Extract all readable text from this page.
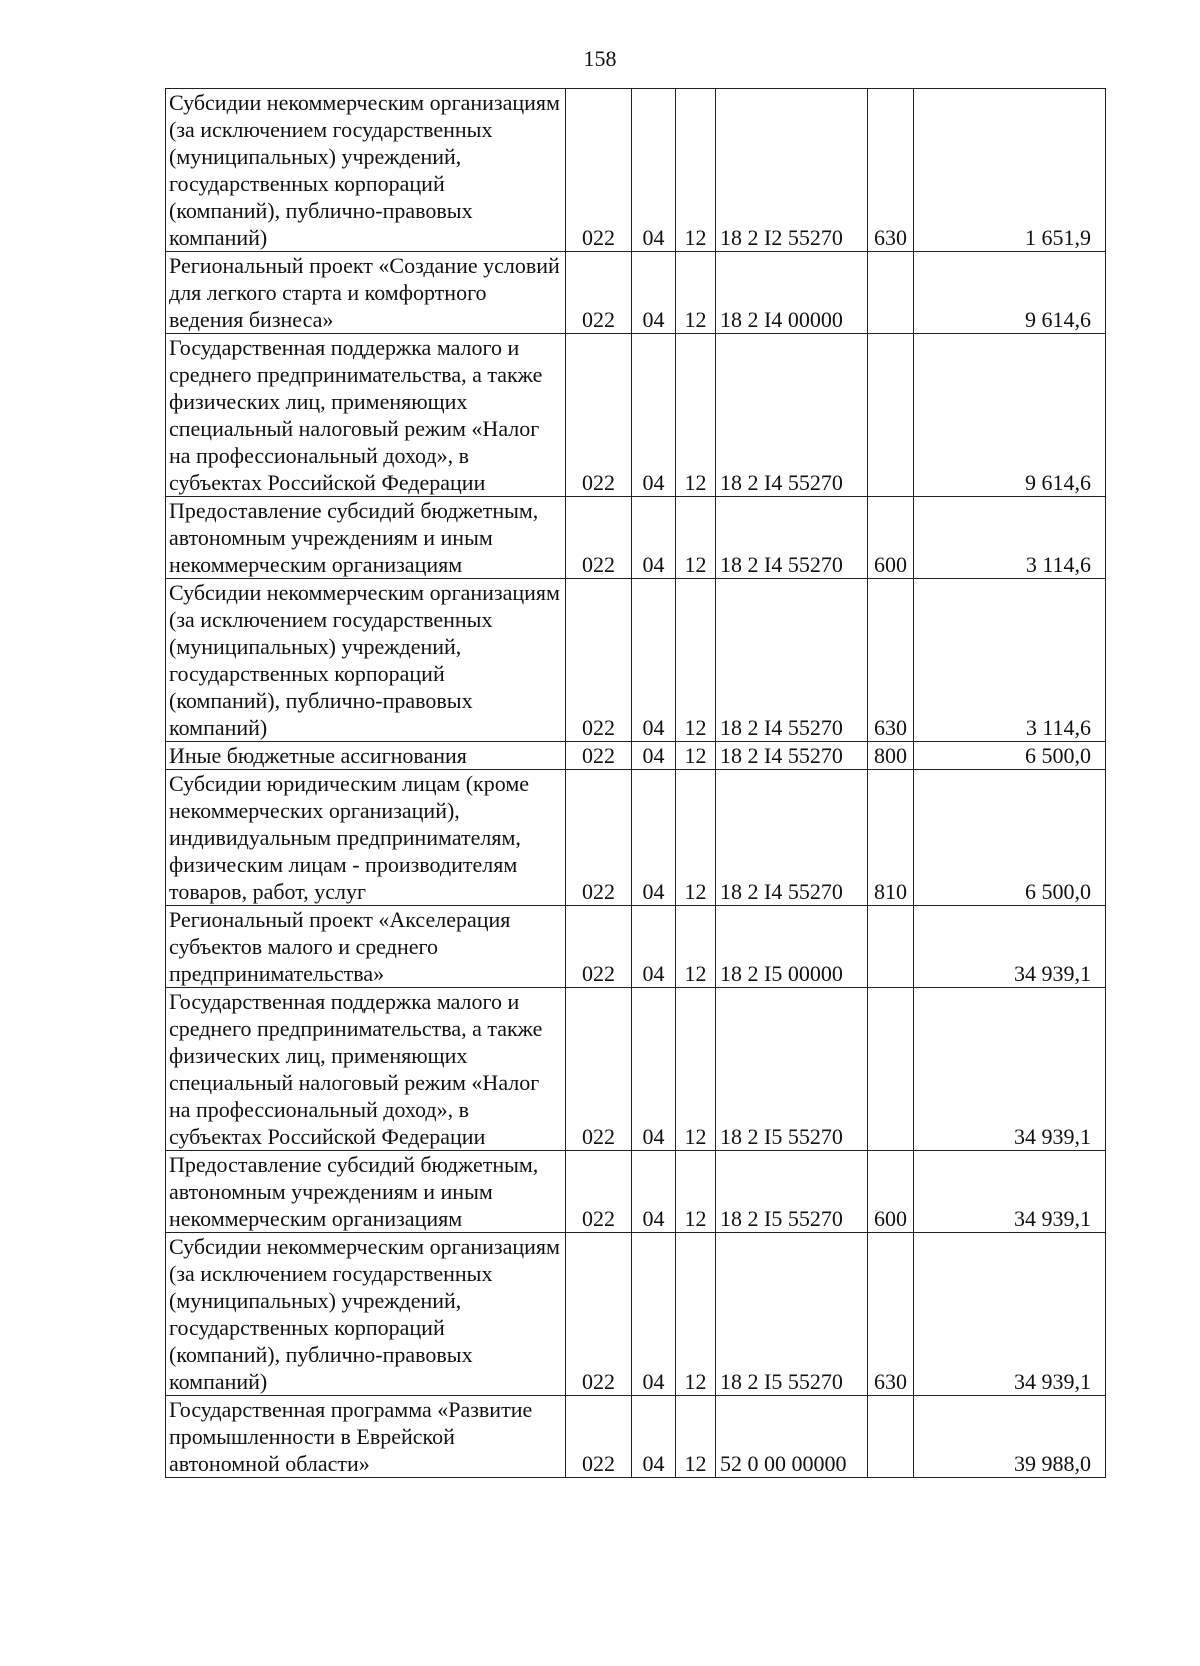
158
Субсидии некоммерческим организациям (за исключением государственных (муниципальных) учреждений, государственных корпораций (компаний), публично-правовых компаний)	022	04	12	18 2 I2 55270	630	1 651,9
Региональный проект «Создание условий для легкого старта и комфортного ведения бизнеса»	022	04	12	18 2 I4 00000		9 614,6
Государственная поддержка малого и среднего предпринимательства, а также физических лиц, применяющих специальный налоговый режим «Налог на профессиональный доход», в субъектах Российской Федерации	022	04	12	18 2 I4 55270		9 614,6
Предоставление субсидий бюджетным, автономным учреждениям и иным некоммерческим организациям	022	04	12	18 2 I4 55270	600	3 114,6
Субсидии некоммерческим организациям (за исключением государственных (муниципальных) учреждений, государственных корпораций (компаний), публично-правовых компаний)	022	04	12	18 2 I4 55270	630	3 114,6
Иные бюджетные ассигнования	022	04	12	18 2 I4 55270	800	6 500,0
Субсидии юридическим лицам (кроме некоммерческих организаций), индивидуальным предпринимателям, физическим лицам - производителям товаров, работ, услуг	022	04	12	18 2 I4 55270	810	6 500,0
Региональный проект «Акселерация субъектов малого и среднего предпринимательства»	022	04	12	18 2 I5 00000		34 939,1
Государственная поддержка малого и среднего предпринимательства, а также физических лиц, применяющих специальный налоговый режим «Налог на профессиональный доход», в субъектах Российской Федерации	022	04	12	18 2 I5 55270		34 939,1
Предоставление субсидий бюджетным, автономным учреждениям и иным некоммерческим организациям	022	04	12	18 2 I5 55270	600	34 939,1
Субсидии некоммерческим организациям (за исключением государственных (муниципальных) учреждений, государственных корпораций (компаний), публично-правовых компаний)	022	04	12	18 2 I5 55270	630	34 939,1
Государственная программа «Развитие промышленности в Еврейской автономной области»	022	04	12	52 0 00 00000		39 988,0
